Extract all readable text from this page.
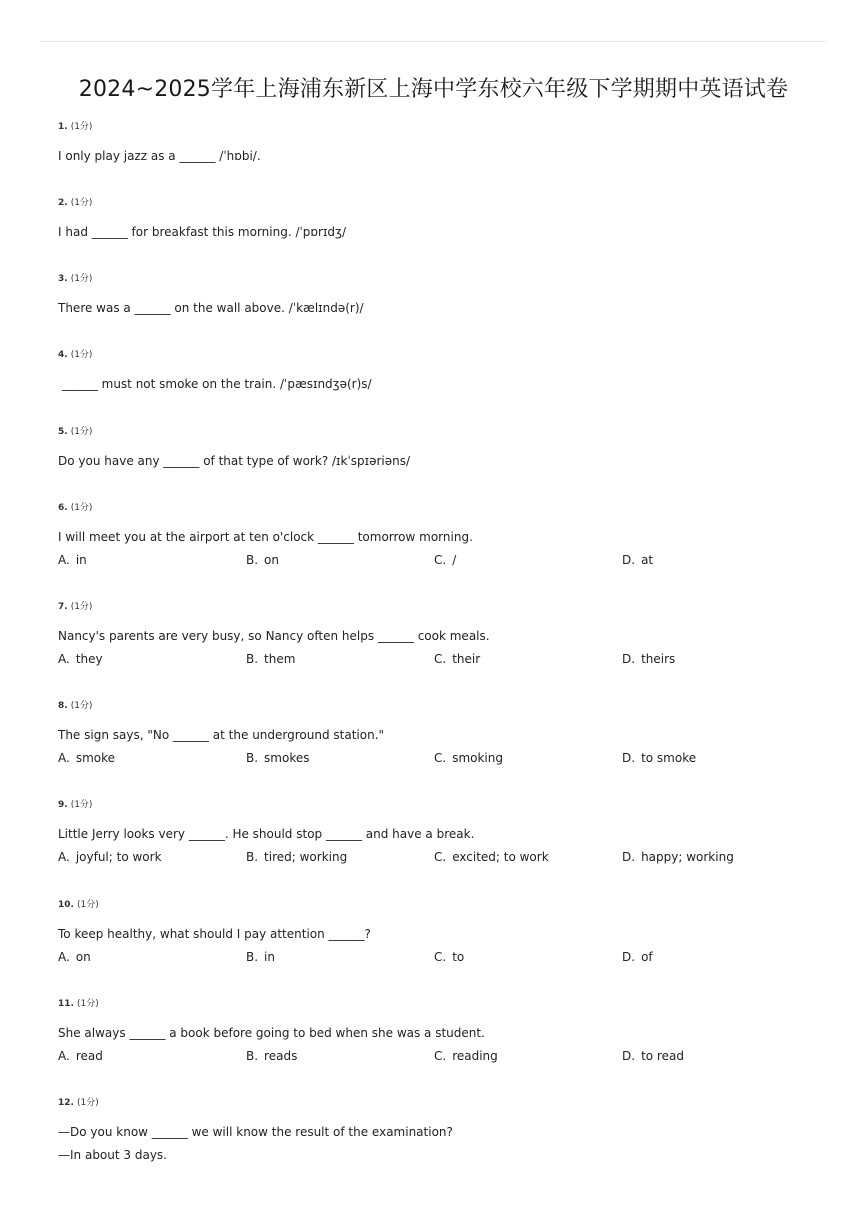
2024~2025学年上海浦东新区上海中学东校六年级下学期期中英语试卷
1. (1分)
I only play jazz as a ______ /ˈhɒbi/.
2. (1分)
I had ______ for breakfast this morning. /ˈpɒrɪdʒ/
3. (1分)
There was a ______ on the wall above. /ˈkælɪndə(r)/
4. (1分)
______ must not smoke on the train. /ˈpæsɪndʒə(r)s/
5. (1分)
Do you have any ______ of that type of work? /ɪkˈspɪəriəns/
6. (1分)
I will meet you at the airport at ten o'clock ______ tomorrow morning.
A. in	B. on	C. /	D. at
7. (1分)
Nancy's parents are very busy, so Nancy often helps ______ cook meals.
A. they	B. them	C. their	D. theirs
8. (1分)
The sign says, "No ______ at the underground station."
A. smoke	B. smokes	C. smoking	D. to smoke
9. (1分)
Little Jerry looks very ______. He should stop ______ and have a break.
A. joyful; to work	B. tired; working	C. excited; to work	D. happy; working
10. (1分)
To keep healthy, what should I pay attention ______?
A. on	B. in	C. to	D. of
11. (1分)
She always ______ a book before going to bed when she was a student.
A. read	B. reads	C. reading	D. to read
12. (1分)
—Do you know ______ we will know the result of the examination?
—In about 3 days.
